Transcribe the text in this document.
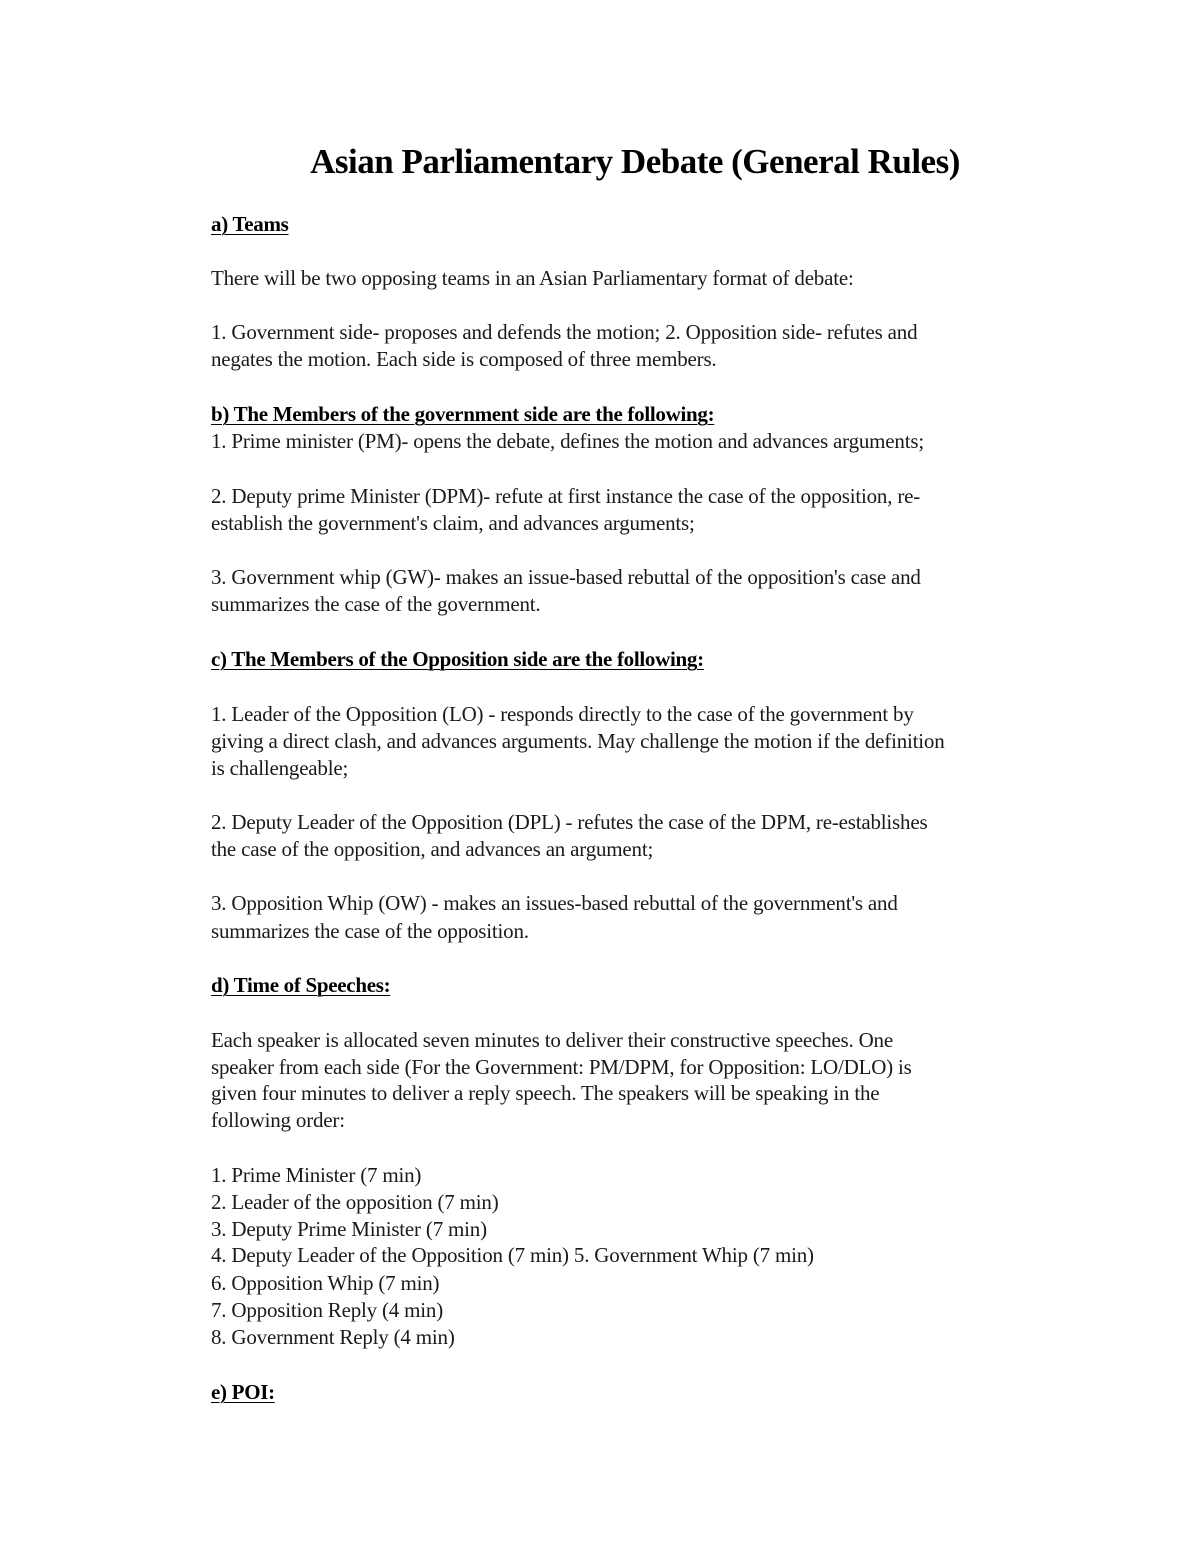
Asian Parliamentary Debate (General Rules)
a) Teams
There will be two opposing teams in an Asian Parliamentary format of debate:
1. Government side- proposes and defends the motion; 2. Opposition side- refutes and
negates the motion. Each side is composed of three members.
b) The Members of the government side are the following:
1. Prime minister (PM)- opens the debate, defines the motion and advances arguments;
2. Deputy prime Minister (DPM)- refute at first instance the case of the opposition, re-
establish the government's claim, and advances arguments;
3. Government whip (GW)- makes an issue-based rebuttal of the opposition's case and
summarizes the case of the government.
c) The Members of the Opposition side are the following:
1. Leader of the Opposition (LO) - responds directly to the case of the government by
giving a direct clash, and advances arguments. May challenge the motion if the definition
is challengeable;
2. Deputy Leader of the Opposition (DPL) - refutes the case of the DPM, re-establishes
the case of the opposition, and advances an argument;
3. Opposition Whip (OW) - makes an issues-based rebuttal of the government's and
summarizes the case of the opposition.
d) Time of Speeches:
Each speaker is allocated seven minutes to deliver their constructive speeches. One
speaker from each side (For the Government: PM/DPM, for Opposition: LO/DLO) is
given four minutes to deliver a reply speech. The speakers will be speaking in the
following order:
1. Prime Minister (7 min)
2. Leader of the opposition (7 min)
3. Deputy Prime Minister (7 min)
4. Deputy Leader of the Opposition (7 min) 5. Government Whip (7 min)
6. Opposition Whip (7 min)
7. Opposition Reply (4 min)
8. Government Reply (4 min)
e) POI:
